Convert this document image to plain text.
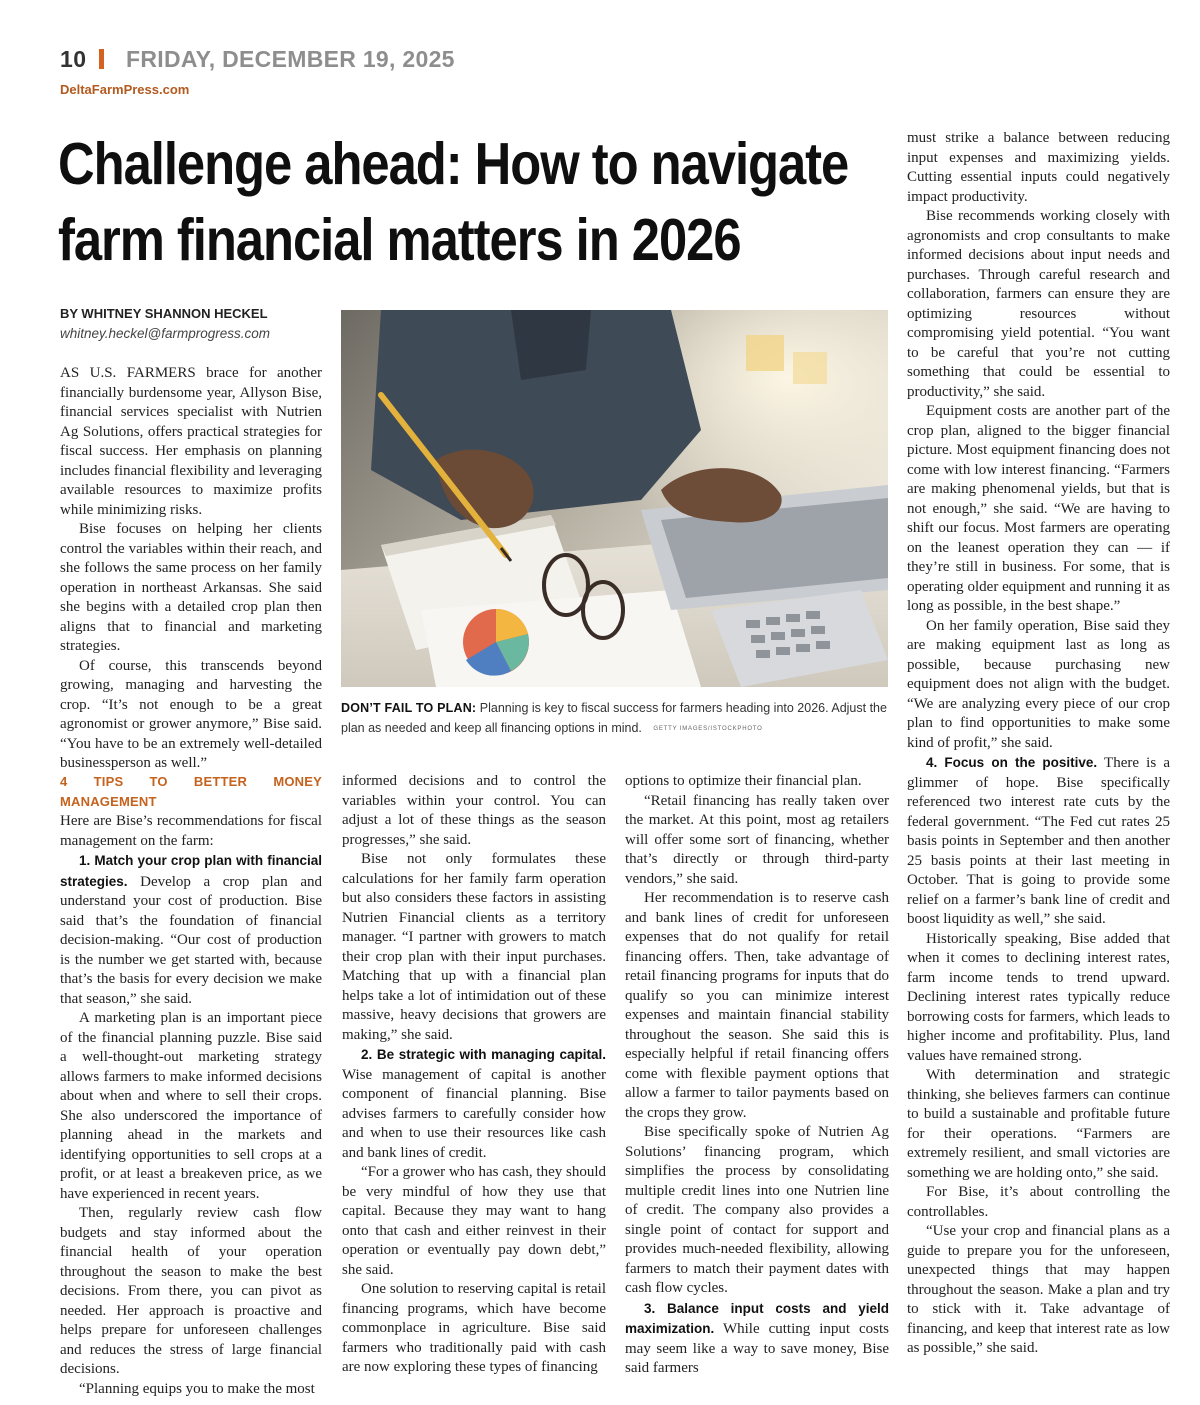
10 FRIDAY, DECEMBER 19, 2025
DeltaFarmPress.com
Challenge ahead: How to navigate farm financial matters in 2026
BY WHITNEY SHANNON HECKEL
whitney.heckel@farmprogress.com
DON’T FAIL TO PLAN: Planning is key to fiscal success for farmers heading into 2026. Adjust the plan as needed and keep all financing options in mind. GETTY IMAGES/ISTOCKPHOTO

AS U.S. FARMERS brace for another financially burdensome year, Allyson Bise, financial services specialist with Nutrien Ag Solutions, offers practical strategies for fiscal success. Her emphasis on planning includes financial flexibility and leveraging available resources to maximize profits while minimizing risks.

Bise focuses on helping her clients control the variables within their reach, and she follows the same process on her family operation in northeast Arkansas. She said she begins with a detailed crop plan then aligns that to financial and marketing strategies.

Of course, this transcends beyond growing, managing and harvesting the crop. “It’s not enough to be a great agronomist or grower anymore,” Bise said. “You have to be an extremely well-detailed businessperson as well.”

4 TIPS TO BETTER MONEY MANAGEMENT

Here are Bise’s recommendations for fiscal management on the farm:

1. Match your crop plan with financial strategies. Develop a crop plan and understand your cost of production. Bise said that’s the foundation of financial decision-making. “Our cost of production is the number we get started with, because that’s the basis for every decision we make that season,” she said.

A marketing plan is an important piece of the financial planning puzzle. Bise said a well-thought-out marketing strategy allows farmers to make informed decisions about when and where to sell their crops. She also underscored the importance of planning ahead in the markets and identifying opportunities to sell crops at a profit, or at least a breakeven price, as we have experienced in recent years.

Then, regularly review cash flow budgets and stay informed about the financial health of your operation throughout the season to make the best decisions. From there, you can pivot as needed. Her approach is proactive and helps prepare for unforeseen challenges and reduces the stress of large financial decisions.

“Planning equips you to make the most

informed decisions and to control the variables within your control. You can adjust a lot of these things as the season progresses,” she said.

Bise not only formulates these calculations for her family farm operation but also considers these factors in assisting Nutrien Financial clients as a territory manager. “I partner with growers to match their crop plan with their input purchases. Matching that up with a financial plan helps take a lot of intimidation out of these massive, heavy decisions that growers are making,” she said.

2. Be strategic with managing capital. Wise management of capital is another component of financial planning. Bise advises farmers to carefully consider how and when to use their resources like cash and bank lines of credit.

“For a grower who has cash, they should be very mindful of how they use that capital. Because they may want to hang onto that cash and either reinvest in their operation or eventually pay down debt,” she said.

One solution to reserving capital is retail financing programs, which have become commonplace in agriculture. Bise said farmers who traditionally paid with cash are now exploring these types of financing

options to optimize their financial plan.

“Retail financing has really taken over the market. At this point, most ag retailers will offer some sort of financing, whether that’s directly or through third-party vendors,” she said.

Her recommendation is to reserve cash and bank lines of credit for unforeseen expenses that do not qualify for retail financing offers. Then, take advantage of retail financing programs for inputs that do qualify so you can minimize interest expenses and maintain financial stability throughout the season. She said this is especially helpful if retail financing offers come with flexible payment options that allow a farmer to tailor payments based on the crops they grow.

Bise specifically spoke of Nutrien Ag Solutions’ financing program, which simplifies the process by consolidating multiple credit lines into one Nutrien line of credit. The company also provides a single point of contact for support and provides much-needed flexibility, allowing farmers to match their payment dates with cash flow cycles.

3. Balance input costs and yield maximization. While cutting input costs may seem like a way to save money, Bise said farmers

must strike a balance between reducing input expenses and maximizing yields. Cutting essential inputs could negatively impact productivity.

Bise recommends working closely with agronomists and crop consultants to make informed decisions about input needs and purchases. Through careful research and collaboration, farmers can ensure they are optimizing resources without compromising yield potential. “You want to be careful that you’re not cutting something that could be essential to productivity,” she said.

Equipment costs are another part of the crop plan, aligned to the bigger financial picture. Most equipment financing does not come with low interest financing. “Farmers are making phenomenal yields, but that is not enough,” she said. “We are having to shift our focus. Most farmers are operating on the leanest operation they can — if they’re still in business. For some, that is operating older equipment and running it as long as possible, in the best shape.”

On her family operation, Bise said they are making equipment last as long as possible, because purchasing new equipment does not align with the budget. “We are analyzing every piece of our crop plan to find opportunities to make some kind of profit,” she said.

4. Focus on the positive. There is a glimmer of hope. Bise specifically referenced two interest rate cuts by the federal government. “The Fed cut rates 25 basis points in September and then another 25 basis points at their last meeting in October. That is going to provide some relief on a farmer’s bank line of credit and boost liquidity as well,” she said.

Historically speaking, Bise added that when it comes to declining interest rates, farm income tends to trend upward. Declining interest rates typically reduce borrowing costs for farmers, which leads to higher income and profitability. Plus, land values have remained strong.

With determination and strategic thinking, she believes farmers can continue to build a sustainable and profitable future for their operations. “Farmers are extremely resilient, and small victories are something we are holding onto,” she said.

For Bise, it’s about controlling the controllables.

“Use your crop and financial plans as a guide to prepare you for the unforeseen, unexpected things that may happen throughout the season. Make a plan and try to stick with it. Take advantage of financing, and keep that interest rate as low as possible,” she said.
